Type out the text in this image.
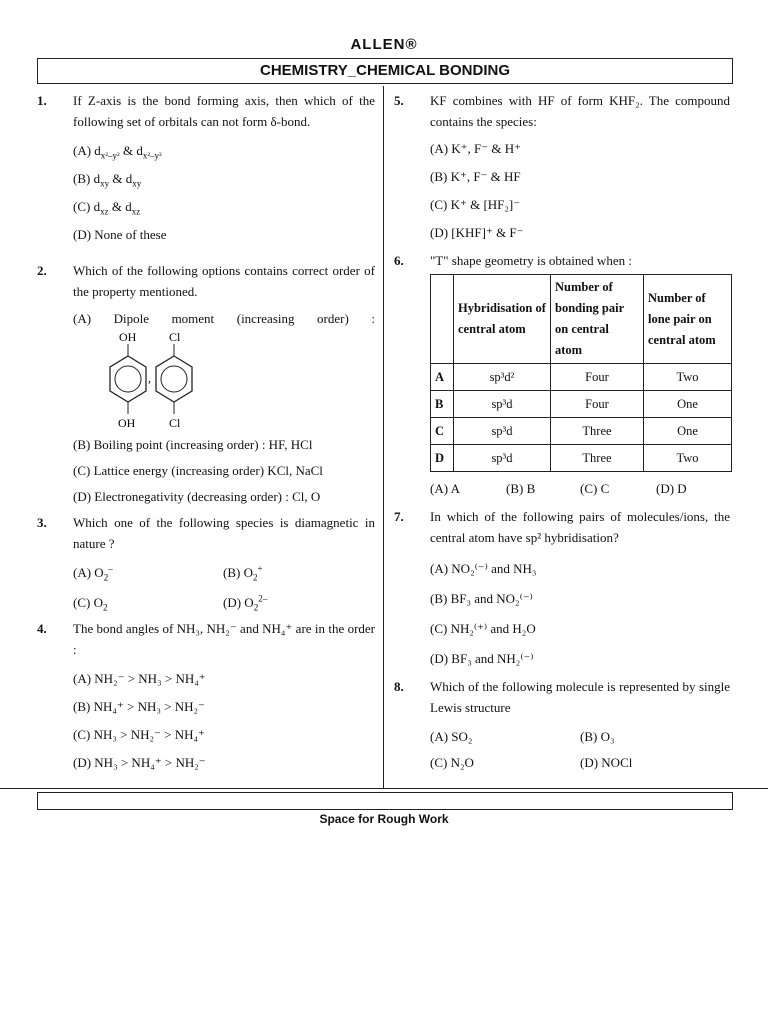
ALLEN®
CHEMISTRY_CHEMICAL BONDING
1. If Z-axis is the bond forming axis, then which of the following set of orbitals can not form δ-bond.
(A) $d_{x^2-y^2}$ & $d_{x^2-y^2}$
(B) $d_{xy}$ & $d_{xy}$
(C) $d_{xz}$ & $d_{xz}$
(D) None of these
2. Which of the following options contains correct order of the property mentioned.
(A) Dipole moment (increasing order) :
OH	Cl
,
OH	Cl
(B) Boiling point (increasing order) : HF, HCl
(C) Lattice energy (increasing order) KCl, NaCl
(D) Electronegativity (decreasing order) : Cl, O
3. Which one of the following species is diamagnetic in nature ?
(A) $O_2^-$	(B) $O_2^+$
(C) $O_2$	(D) $O_2^{2-}$
4. The bond angles of NH₃, NH₂⁻ and NH₄⁺ are in the order :
(A) NH₂⁻ > NH₃ > NH₄⁺
(B) NH₄⁺ > NH₃ > NH₂⁻
(C) NH₃ > NH₂⁻ > NH₄⁺
(D) NH₃ > NH₄⁺ > NH₂⁻
5. KF combines with HF of form KHF₂. The compound contains the species:
(A) K⁺, F⁻ & H⁺
(B) K⁺, F⁻ & HF
(C) K⁺ & [HF₂]⁻
(D) [KHF]⁺ & F⁻
6. "T" shape geometry is obtained when :
	Hybridisation of central atom	Number of bonding pair on central atom	Number of lone pair on central atom
A	sp³d²	Four	Two
B	sp³d	Four	One
C	sp³d	Three	One
D	sp³d	Three	Two
(A) A	(B) B	(C) C	(D) D
7. In which of the following pairs of molecules/ions, the central atom have sp² hybridisation?
(A) NO₂⁽⁻⁾ and NH₃
(B) BF₃ and NO₂⁽⁻⁾
(C) NH₂⁽⁺⁾ and H₂O
(D) BF₃ and NH₂⁽⁻⁾
8. Which of the following molecule is represented by single Lewis structure
(A) SO₂	(B) O₃
(C) N₂O	(D) NOCl
Space for Rough Work
